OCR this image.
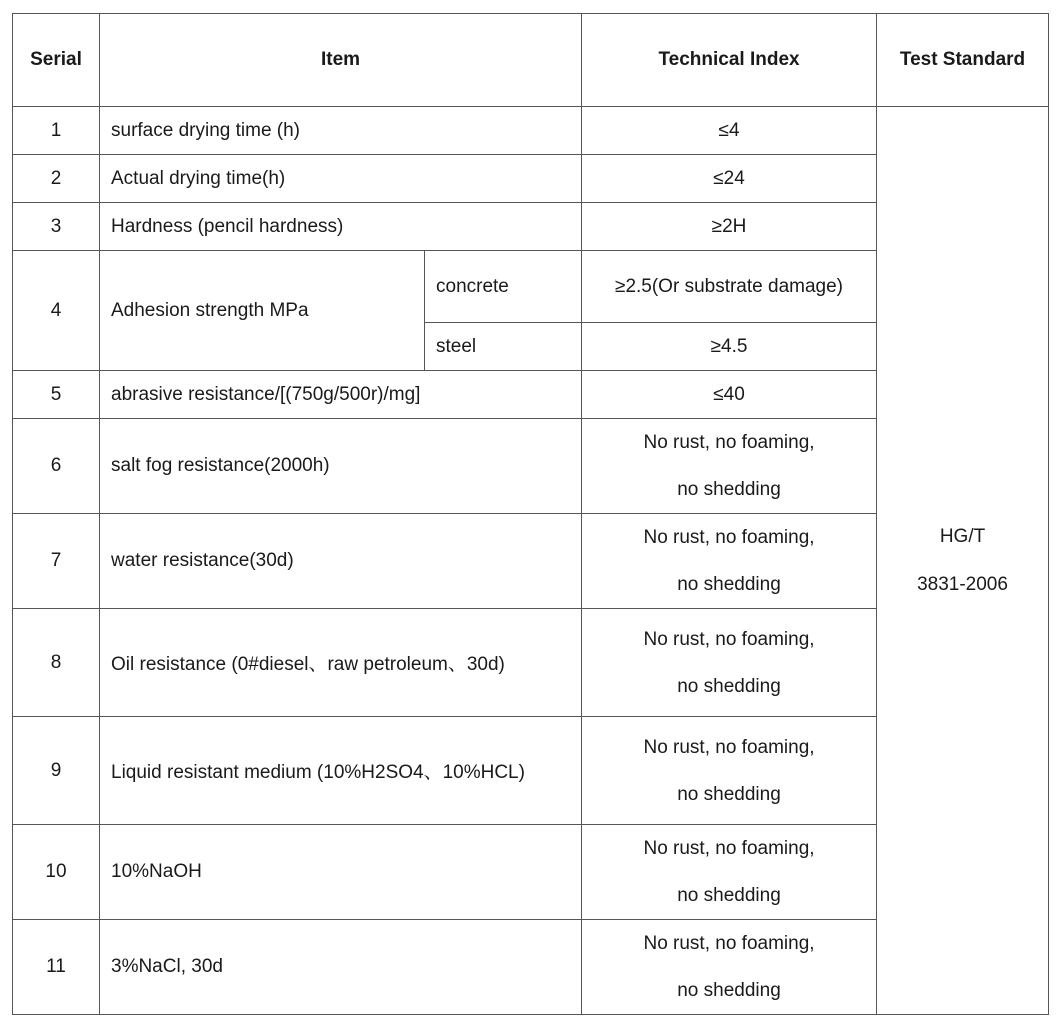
Serial	Item		Technical Index	Test Standard
1	surface drying time (h)		≤4	HG/T
3831-2006

2	Actual drying time(h)		≤24	
3	Hardness (pencil hardness)		≥2H	
4	Adhesion strength MPa	concrete	≥2.5(Or substrate damage)	
		steel	≥4.5	
5	abrasive resistance/[(750g/500r)/mg]		≤40	
6	salt fog resistance(2000h)		No rust, no foaming,
no shedding	

7	water resistance(30d)		No rust, no foaming,
no shedding	

8	Oil resistance (0#diesel、raw petroleum、30d)		No rust, no foaming,
no shedding	

9	Liquid resistant medium (10%H2SO4、10%HCL)		No rust, no foaming,
no shedding	

10	10%NaOH		No rust, no foaming,
no shedding	

11	3%NaCl, 30d		No rust, no foaming,
no shedding	
